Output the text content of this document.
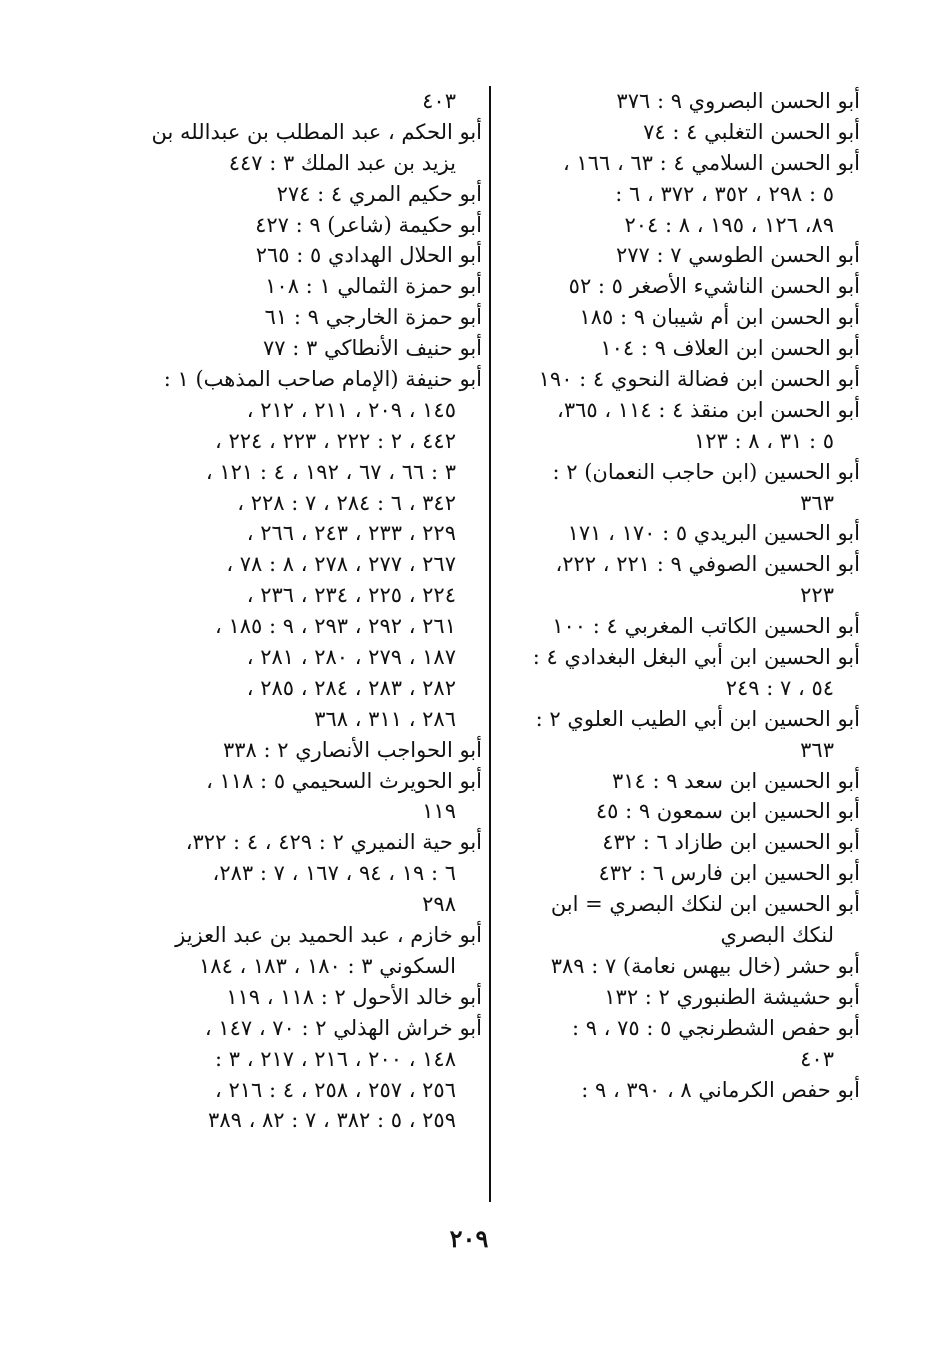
أبو الحسن البصروي ٩ : ٣٧٦
أبو الحسن التغلبي ٤ : ٧٤
أبو الحسن السلامي ٤ : ٦٣ ، ١٦٦ ،
٥ : ٢٩٨ ، ٣٥٢ ، ٣٧٢ ، ٦ :
٨٩، ١٢٦ ، ١٩٥ ، ٨ : ٢٠٤
أبو الحسن الطوسي ٧ : ٢٧٧
أبو الحسن الناشيء الأصغر ٥ : ٥٢
أبو الحسن ابن أم شيبان ٩ : ١٨٥
أبو الحسن ابن العلاف ٩ : ١٠٤
أبو الحسن ابن فضالة النحوي ٤ : ١٩٠
أبو الحسن ابن منقذ ٤ : ١١٤ ، ٣٦٥،
٥ : ٣١ ، ٨ : ١٢٣
أبو الحسين (ابن حاجب النعمان) ٢ :
٣٦٣
أبو الحسين البريدي ٥ : ١٧٠ ، ١٧١
أبو الحسين الصوفي ٩ : ٢٢١ ، ٢٢٢،
٢٢٣
أبو الحسين الكاتب المغربي ٤ : ١٠٠
أبو الحسين ابن أبي البغل البغدادي ٤ :
٥٤ ، ٧ : ٢٤٩
أبو الحسين ابن أبي الطيب العلوي ٢ :
٣٦٣
أبو الحسين ابن سعد ٩ : ٣١٤
أبو الحسين ابن سمعون ٩ : ٤٥
أبو الحسين ابن طازاد ٦ : ٤٣٢
أبو الحسين ابن فارس ٦ : ٤٣٢
أبو الحسين ابن لنكك البصري = ابن
لنكك البصري
أبو حشر (خال بيهس نعامة) ٧ : ٣٨٩
أبو حشيشة الطنبوري ٢ : ١٣٢
أبو حفص الشطرنجي ٥ : ٧٥ ، ٩ :
٤٠٣
أبو حفص الكرماني ٨ ، ٣٩٠ ، ٩ :
٤٠٣
أبو الحكم ، عبد المطلب بن عبدالله بن
يزيد بن عبد الملك ٣ : ٤٤٧
أبو حكيم المري ٤ : ٢٧٤
أبو حكيمة (شاعر) ٩ : ٤٢٧
أبو الحلال الهدادي ٥ : ٢٦٥
أبو حمزة الثمالي ١ : ١٠٨
أبو حمزة الخارجي ٩ : ٦١
أبو حنيف الأنطاكي ٣ : ٧٧
أبو حنيفة (الإمام صاحب المذهب) ١ :
١٤٥ ، ٢٠٩ ، ٢١١ ، ٢١٢ ،
٤٤٢ ، ٢ : ٢٢٢ ، ٢٢٣ ، ٢٢٤ ،
٣ : ٦٦ ، ٦٧ ، ١٩٢ ، ٤ : ١٢١ ،
٣٤٢ ، ٦ : ٢٨٤ ، ٧ : ٢٢٨ ،
٢٢٩ ، ٢٣٣ ، ٢٤٣ ، ٢٦٦ ،
٢٦٧ ، ٢٧٧ ، ٢٧٨ ، ٨ : ٧٨ ،
٢٢٤ ، ٢٢٥ ، ٢٣٤ ، ٢٣٦ ،
٢٦١ ، ٢٩٢ ، ٢٩٣ ، ٩ : ١٨٥ ،
١٨٧ ، ٢٧٩ ، ٢٨٠ ، ٢٨١ ،
٢٨٢ ، ٢٨٣ ، ٢٨٤ ، ٢٨٥ ،
٢٨٦ ، ٣١١ ، ٣٦٨
أبو الحواجب الأنصاري ٢ : ٣٣٨
أبو الحويرث السحيمي ٥ : ١١٨ ،
١١٩
أبو حية النميري ٢ : ٤٢٩ ، ٤ : ٣٢٢،
٦ : ١٩ ، ٩٤ ، ١٦٧ ، ٧ : ٢٨٣،
٢٩٨
أبو خازم ، عبد الحميد بن عبد العزيز
السكوني ٣ : ١٨٠ ، ١٨٣ ، ١٨٤
أبو خالد الأحول ٢ : ١١٨ ، ١١٩
أبو خراش الهذلي ٢ : ٧٠ ، ١٤٧ ،
١٤٨ ، ٢٠٠ ، ٢١٦ ، ٢١٧ ، ٣ :
٢٥٦ ، ٢٥٧ ، ٢٥٨ ، ٤ : ٢١٦ ،
٢٥٩ ، ٥ : ٣٨٢ ، ٧ : ٨٢ ، ٣٨٩
٢٠٩
